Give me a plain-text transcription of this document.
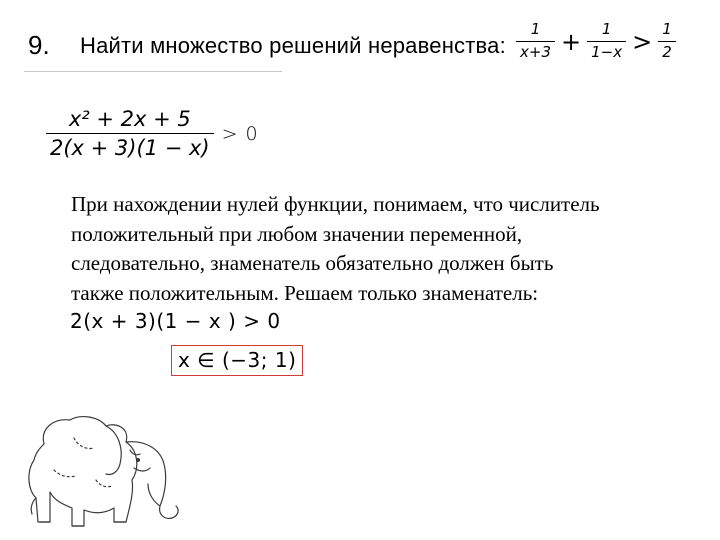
9. Найти множество решений неравенства: $\frac{1}{x+3} + \frac{1}{1-x} > \frac{1}{2}$
$\frac{\text{x² + 2x + 5}}{2(x + 3)(1 - x)} > 0$
При нахождении нулей функции, понимаем, что числитель
положительный при любом значении переменной,
следовательно, знаменатель обязательно должен быть
также положительным. Решаем только знаменатель:
2(x + 3)(1 − x ) > 0
x ∈ (−3; 1)
